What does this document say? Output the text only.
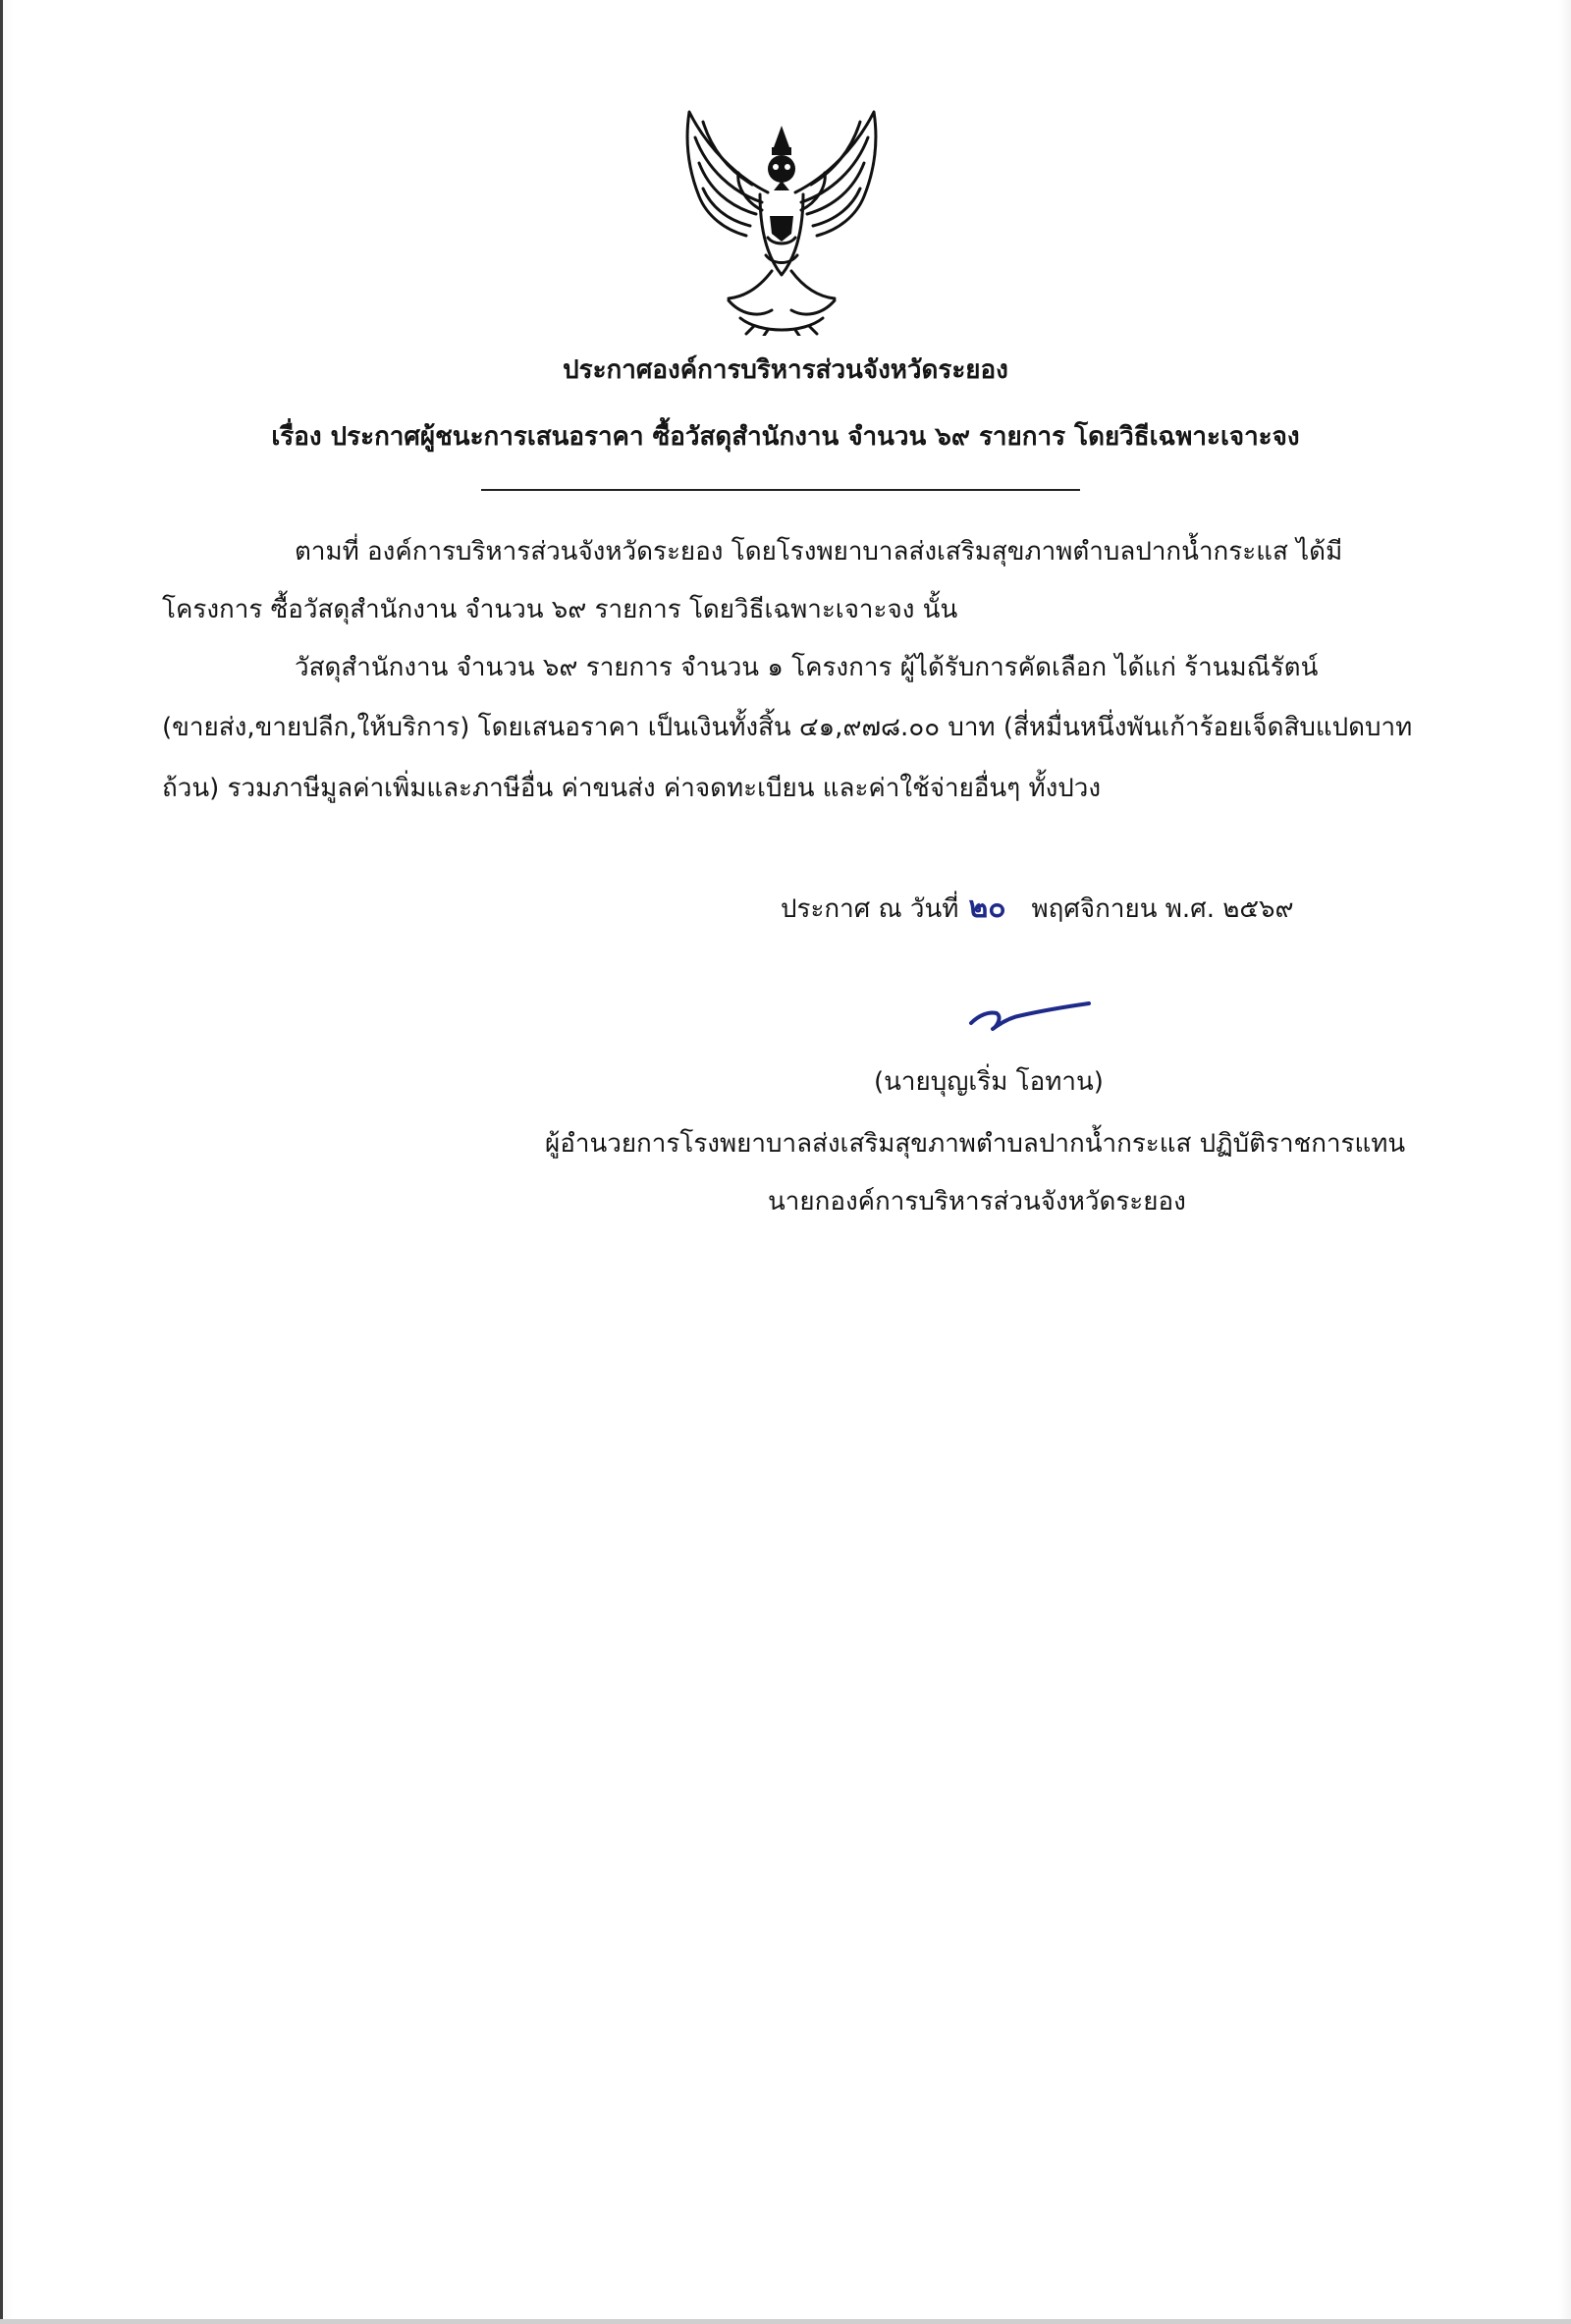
ประกาศองค์การบริหารส่วนจังหวัดระยอง
เรื่อง ประกาศผู้ชนะการเสนอราคา ซื้อวัสดุสำนักงาน จำนวน ๖๙ รายการ โดยวิธีเฉพาะเจาะจง
ตามที่ องค์การบริหารส่วนจังหวัดระยอง โดยโรงพยาบาลส่งเสริมสุขภาพตำบลปากน้ำกระแส ได้มี
โครงการ ซื้อวัสดุสำนักงาน จำนวน ๖๙ รายการ โดยวิธีเฉพาะเจาะจง นั้น
วัสดุสำนักงาน จำนวน ๖๙ รายการ จำนวน ๑ โครงการ ผู้ได้รับการคัดเลือก ได้แก่ ร้านมณีรัตน์
(ขายส่ง,ขายปลีก,ให้บริการ) โดยเสนอราคา เป็นเงินทั้งสิ้น ๔๑,๙๗๘.๐๐ บาท (สี่หมื่นหนึ่งพันเก้าร้อยเจ็ดสิบแปดบาท
ถ้วน) รวมภาษีมูลค่าเพิ่มและภาษีอื่น ค่าขนส่ง ค่าจดทะเบียน และค่าใช้จ่ายอื่นๆ ทั้งปวง
ประกาศ ณ วันที่ ๒๐ พฤศจิกายน พ.ศ. ๒๕๖๙
(นายบุญเริ่ม โอทาน)
ผู้อำนวยการโรงพยาบาลส่งเสริมสุขภาพตำบลปากน้ำกระแส ปฏิบัติราชการแทน
นายกองค์การบริหารส่วนจังหวัดระยอง
